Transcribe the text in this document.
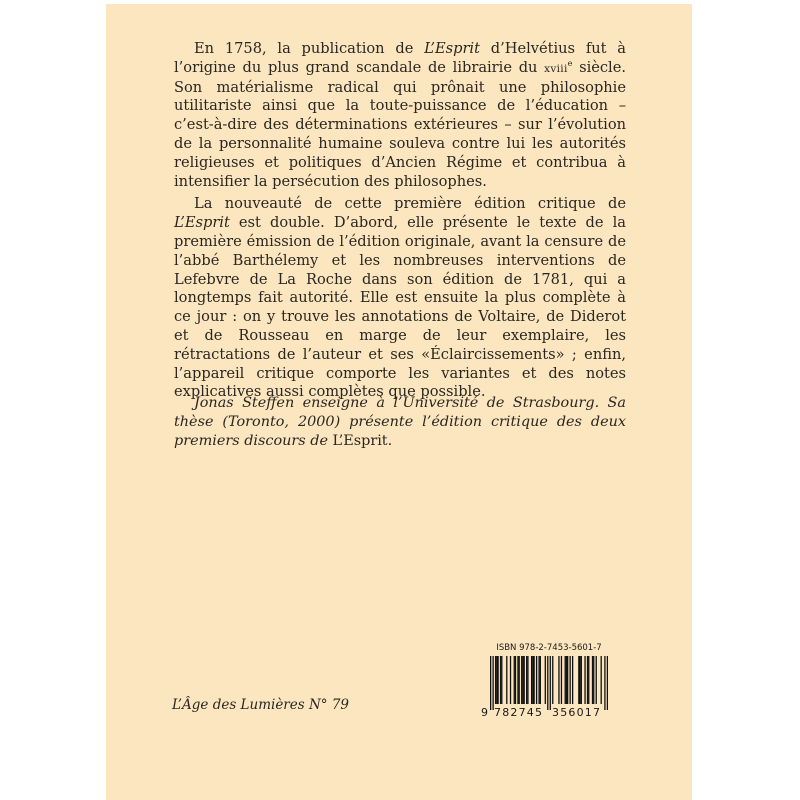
En 1758, la publication de L’Esprit d’Helvétius fut à l’origine du plus grand scandale de librairie du xviii$^e$ siècle. Son matérialisme radical qui prônait une philosophie utilitariste ainsi que la toute-puissance de l’éducation – c’est-à-dire des déterminations extérieures – sur l’évolution de la personnalité humaine souleva contre lui les autorités religieuses et politiques d’Ancien Régime et contribua à intensifier la persécution des philosophes.

La nouveauté de cette première édition critique de L’Esprit est double. D’abord, elle présente le texte de la première émission de l’édition originale, avant la censure de l’abbé Barthélemy et les nombreuses interventions de Lefebvre de La Roche dans son édition de 1781, qui a longtemps fait autorité. Elle est ensuite la plus complète à ce jour : on y trouve les annotations de Voltaire, de Diderot et de Rousseau en marge de leur exemplaire, les rétractations de l’auteur et ses «Éclaircissements» ; enfin, l’appareil critique comporte les variantes et des notes explicatives aussi complètes que possible.

Jonas Steffen enseigne à l’Université de Strasbourg. Sa thèse (Toronto, 2000) présente l’édition critique des deux premiers discours de L’Esprit.

L’Âge des Lumières N° 79
ISBN 978-2-7453-5601-7
9 782745 356017
